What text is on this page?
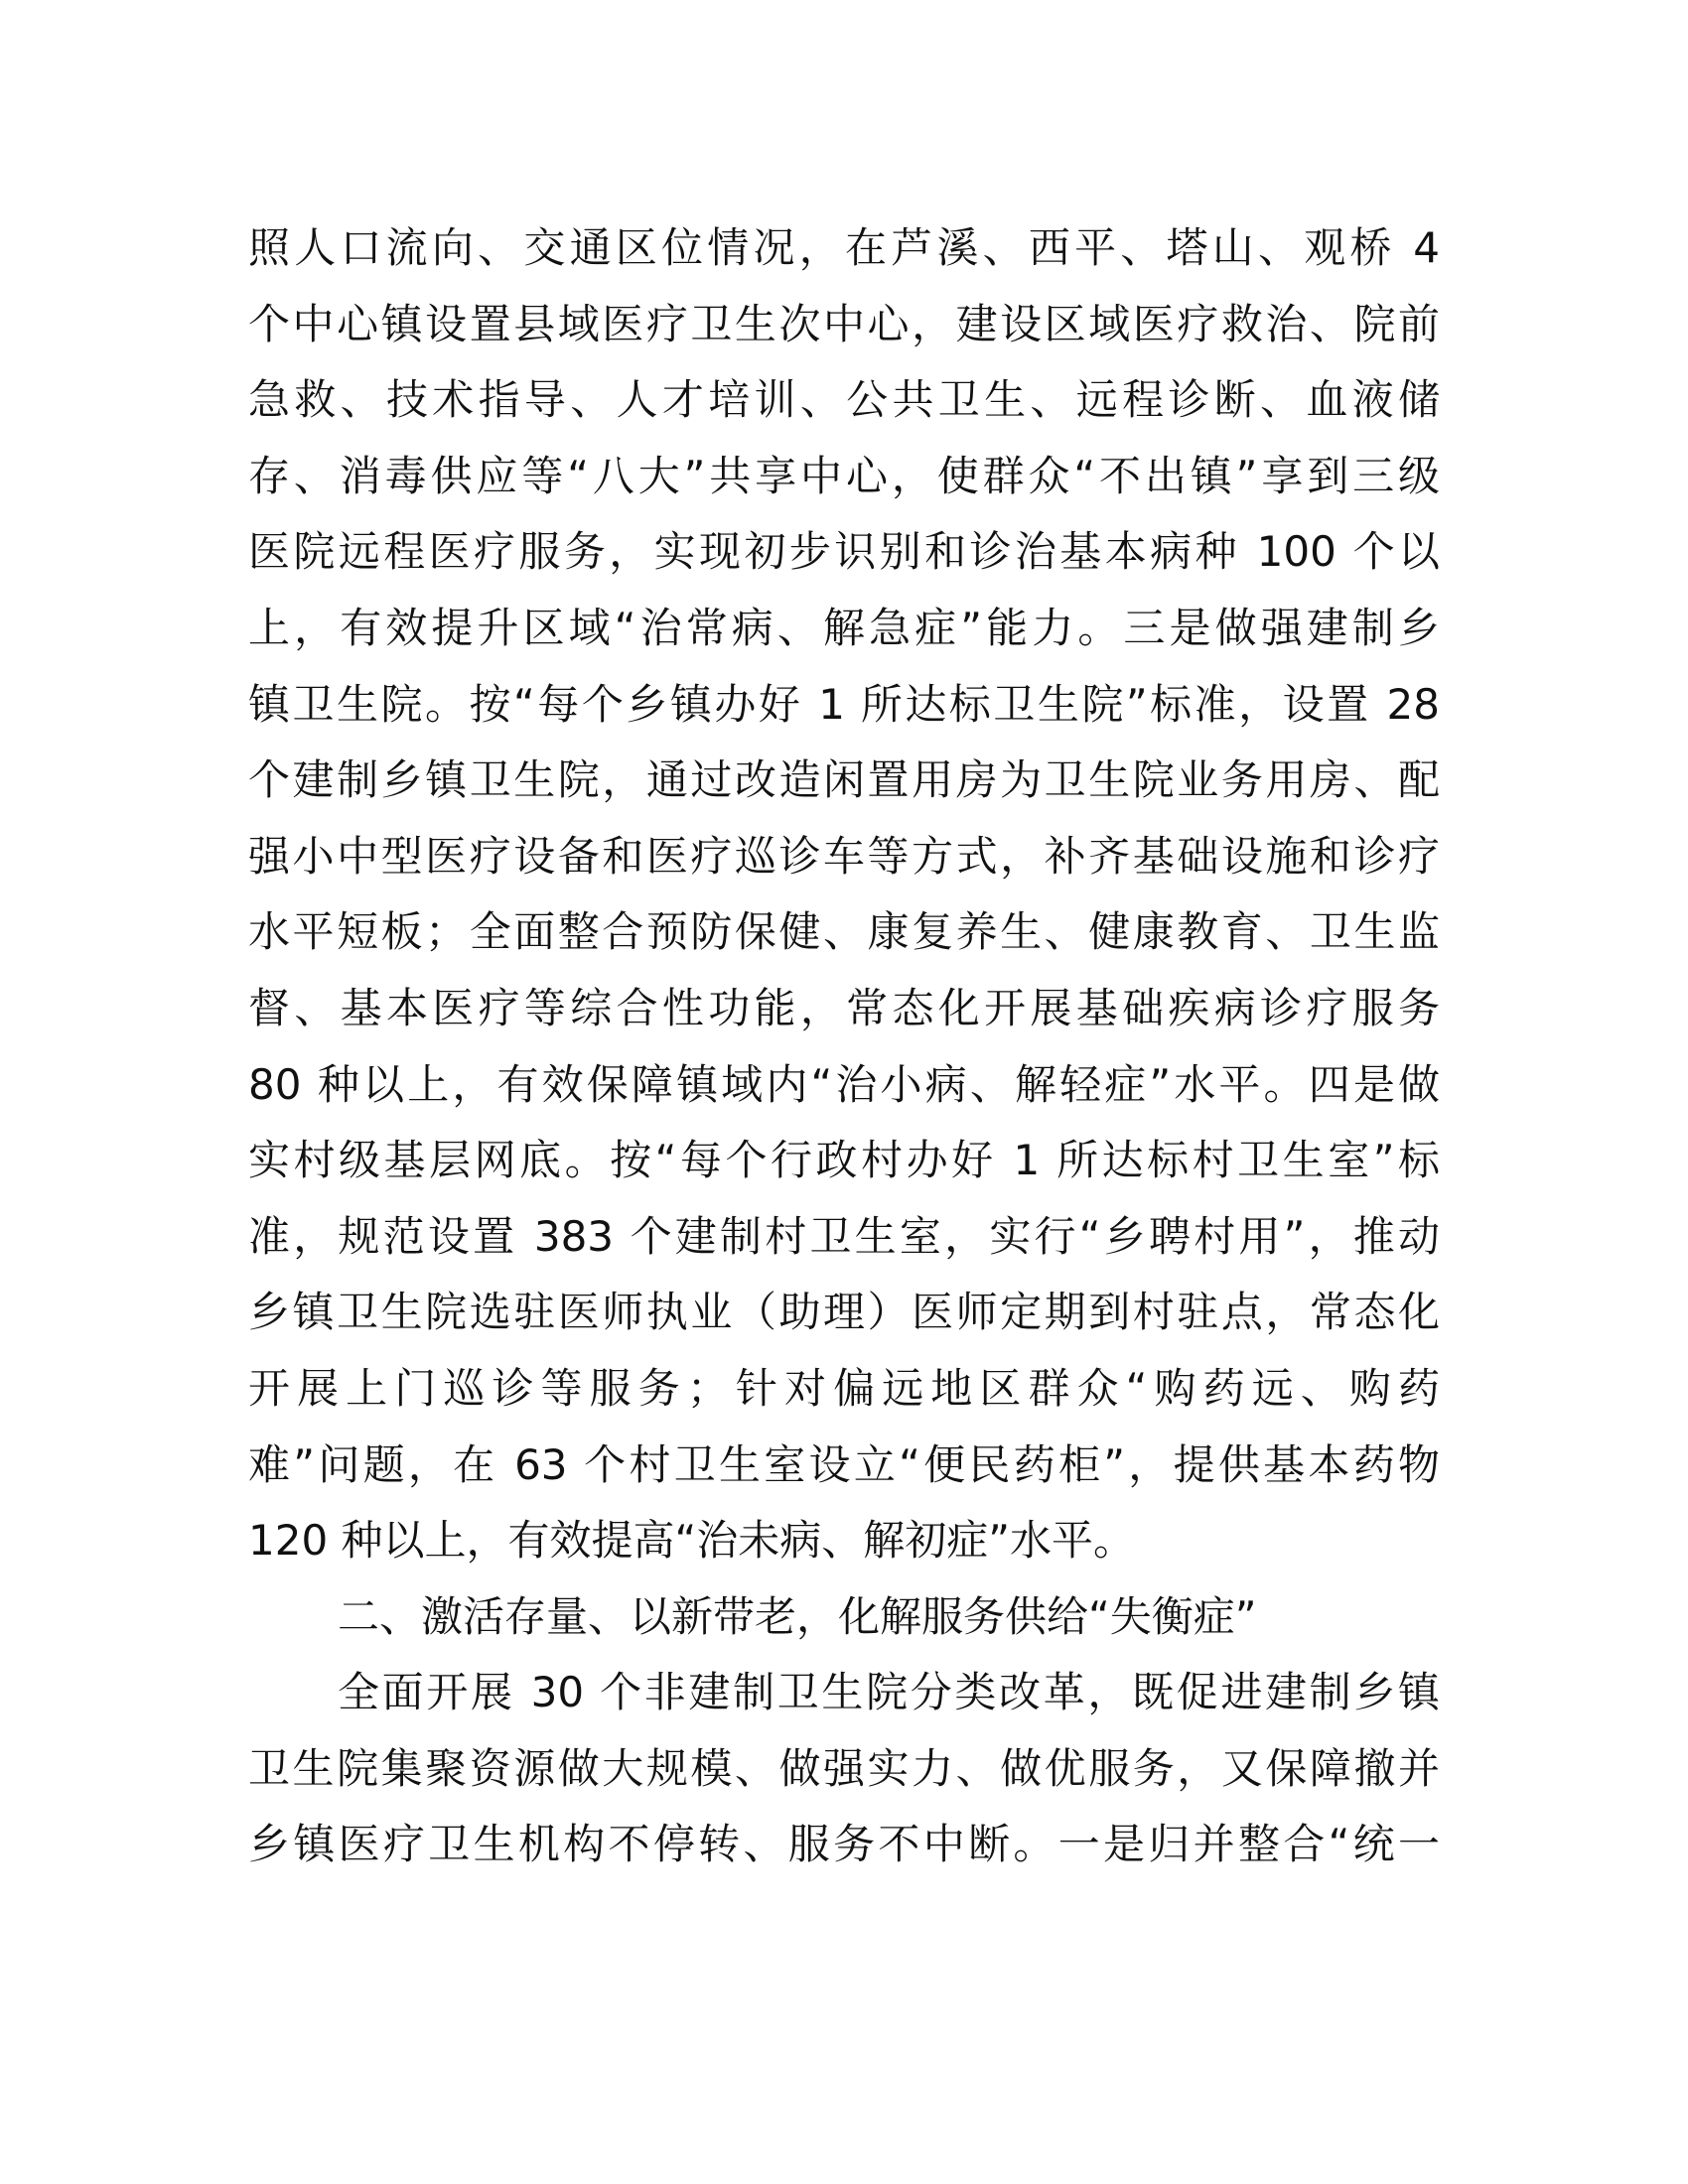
照人口流向、交通区位情况，在芦溪、西平、塔山、观桥 4
个中心镇设置县域医疗卫生次中心，建设区域医疗救治、院前
急救、技术指导、人才培训、公共卫生、远程诊断、血液储
存、消毒供应等“八大”共享中心，使群众“不出镇”享到三级
医院远程医疗服务，实现初步识别和诊治基本病种 100 个以
上，有效提升区域“治常病、解急症”能力。三是做强建制乡
镇卫生院。按“每个乡镇办好 1 所达标卫生院”标准，设置 28
个建制乡镇卫生院，通过改造闲置用房为卫生院业务用房、配
强小中型医疗设备和医疗巡诊车等方式，补齐基础设施和诊疗
水平短板；全面整合预防保健、康复养生、健康教育、卫生监
督、基本医疗等综合性功能，常态化开展基础疾病诊疗服务
80 种以上，有效保障镇域内“治小病、解轻症”水平。四是做
实村级基层网底。按“每个行政村办好 1 所达标村卫生室”标
准，规范设置 383 个建制村卫生室，实行“乡聘村用”，推动
乡镇卫生院选驻医师执业（助理）医师定期到村驻点，常态化
开展上门巡诊等服务；针对偏远地区群众“购药远、购药
难”问题，在 63 个村卫生室设立“便民药柜”，提供基本药物
120 种以上，有效提高“治未病、解初症”水平。
二、激活存量、以新带老，化解服务供给“失衡症”
全面开展 30 个非建制卫生院分类改革，既促进建制乡镇
卫生院集聚资源做大规模、做强实力、做优服务，又保障撤并
乡镇医疗卫生机构不停转、服务不中断。一是归并整合“统一
